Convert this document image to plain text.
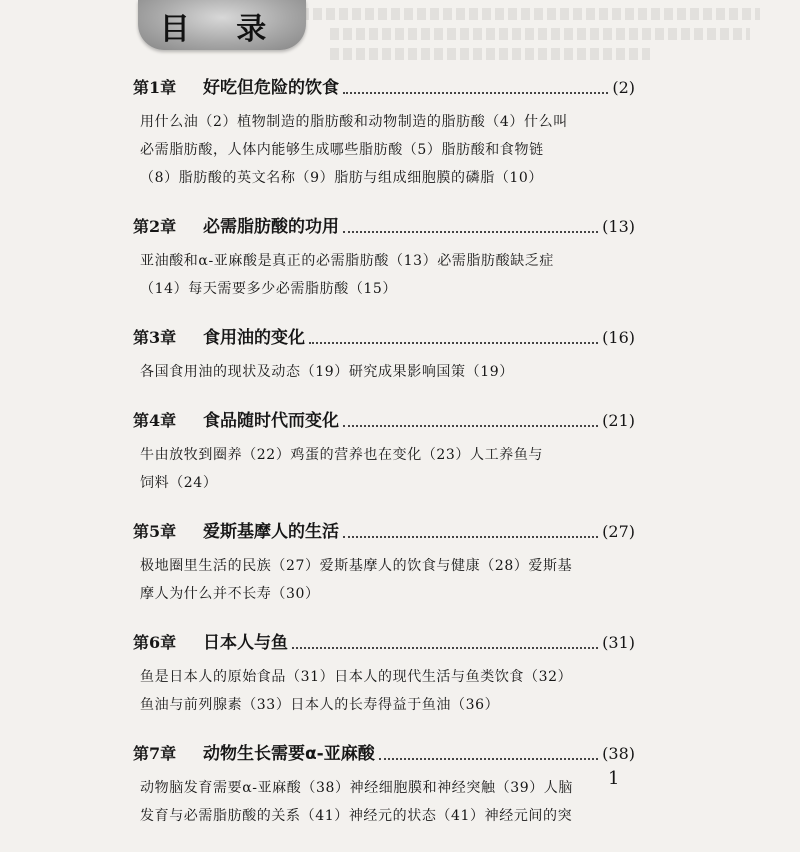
目 录
第1章	好吃但危险的饮食	(2)
用什么油（2）植物制造的脂肪酸和动物制造的脂肪酸（4）什么叫
必需脂肪酸，人体内能够生成哪些脂肪酸（5）脂肪酸和食物链
（8）脂肪酸的英文名称（9）脂肪与组成细胞膜的磷脂（10）
第2章	必需脂肪酸的功用	(13)
亚油酸和α-亚麻酸是真正的必需脂肪酸（13）必需脂肪酸缺乏症
（14）每天需要多少必需脂肪酸（15）
第3章	食用油的变化	(16)
各国食用油的现状及动态（19）研究成果影响国策（19）
第4章	食品随时代而变化	(21)
牛由放牧到圈养（22）鸡蛋的营养也在变化（23）人工养鱼与
饲料（24）
第5章	爱斯基摩人的生活	(27)
极地圈里生活的民族（27）爱斯基摩人的饮食与健康（28）爱斯基
摩人为什么并不长寿（30）
第6章	日本人与鱼	(31)
鱼是日本人的原始食品（31）日本人的现代生活与鱼类饮食（32）
鱼油与前列腺素（33）日本人的长寿得益于鱼油（36）
第7章	动物生长需要α-亚麻酸	(38)
动物脑发育需要α-亚麻酸（38）神经细胞膜和神经突触（39）人脑
发育与必需脂肪酸的关系（41）神经元的状态（41）神经元间的突
1
